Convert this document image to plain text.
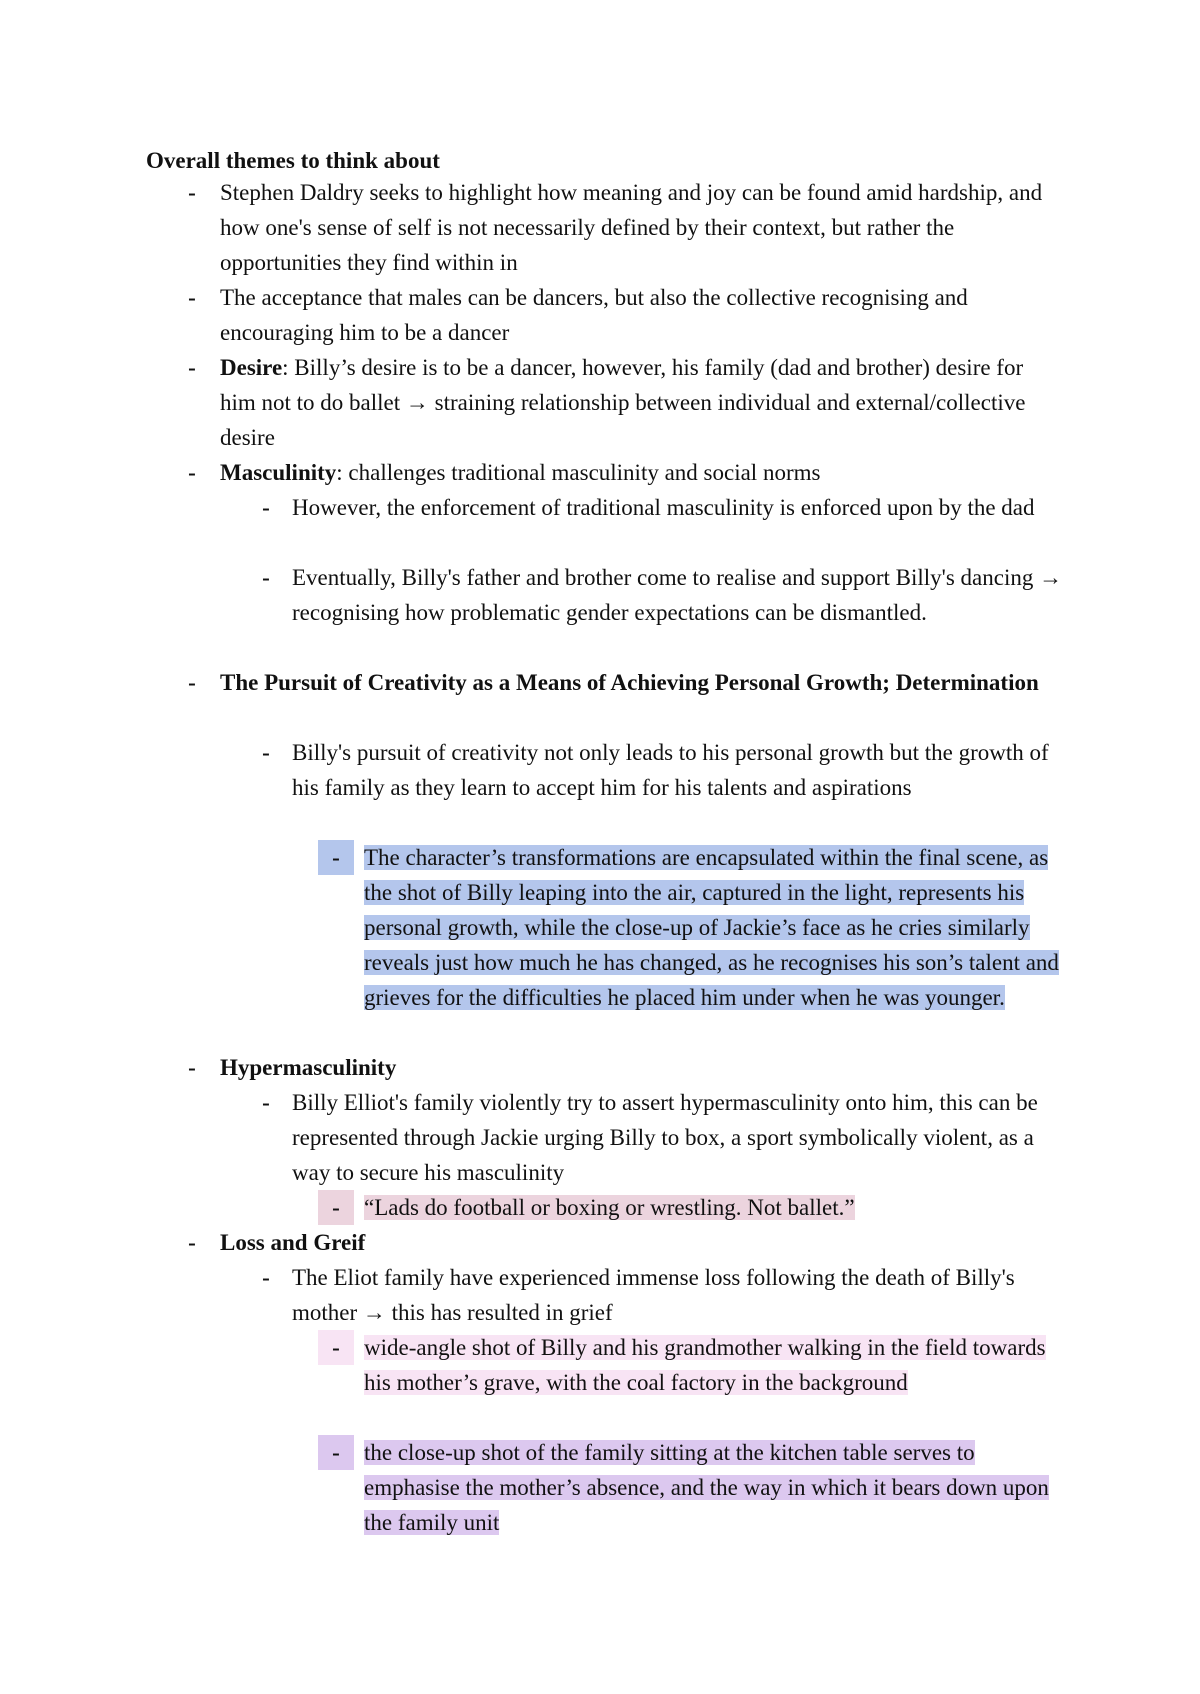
Overall themes to think about
- Stephen Daldry seeks to highlight how meaning and joy can be found amid hardship, and how one's sense of self is not necessarily defined by their context, but rather the opportunities they find within in
- The acceptance that males can be dancers, but also the collective recognising and encouraging him to be a dancer
- Desire: Billy’s desire is to be a dancer, however, his family (dad and brother) desire for him not to do ballet → straining relationship between individual and external/collective desire
- Masculinity: challenges traditional masculinity and social norms
- However, the enforcement of traditional masculinity is enforced upon by the dad
- Eventually, Billy's father and brother come to realise and support Billy's dancing → recognising how problematic gender expectations can be dismantled.
- The Pursuit of Creativity as a Means of Achieving Personal Growth; Determination
- Billy's pursuit of creativity not only leads to his personal growth but the growth of his family as they learn to accept him for his talents and aspirations
-	The character’s transformations are encapsulated within the final scene, as the shot of Billy leaping into the air, captured in the light, represents his personal growth, while the close-up of Jackie’s face as he cries similarly reveals just how much he has changed, as he recognises his son’s talent and grieves for the difficulties he placed him under when he was younger.
- Hypermasculinity
- Billy Elliot's family violently try to assert hypermasculinity onto him, this can be represented through Jackie urging Billy to box, a sport symbolically violent, as a way to secure his masculinity
-	“Lads do football or boxing or wrestling. Not ballet.”
- Loss and Greif
- The Eliot family have experienced immense loss following the death of Billy's mother → this has resulted in grief
-	wide-angle shot of Billy and his grandmother walking in the field towards his mother’s grave, with the coal factory in the background
-	the close-up shot of the family sitting at the kitchen table serves to emphasise the mother’s absence, and the way in which it bears down upon the family unit
